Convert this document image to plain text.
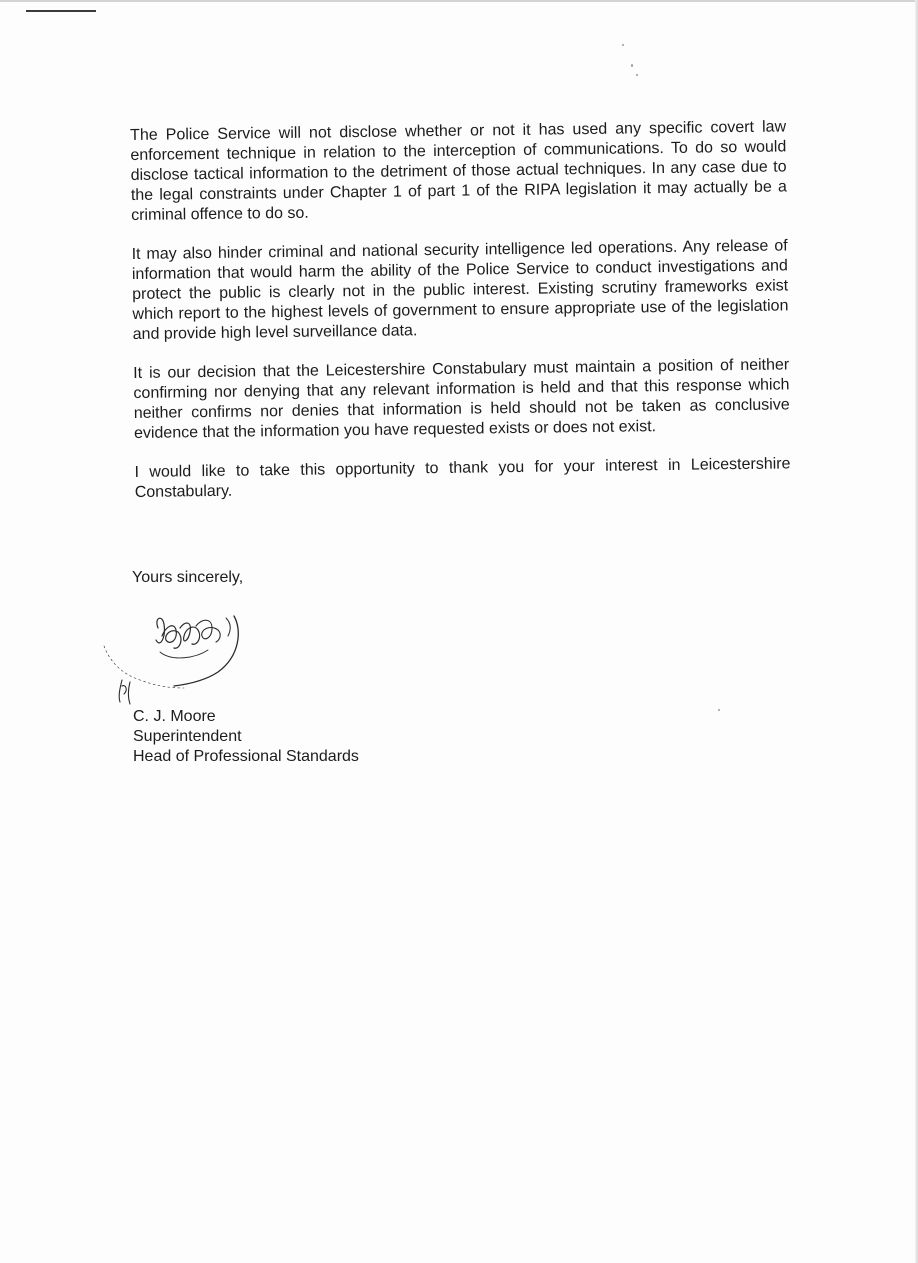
The Police Service will not disclose whether or not it has used any specific covert law enforcement technique in relation to the interception of communications. To do so would disclose tactical information to the detriment of those actual techniques. In any case due to the legal constraints under Chapter 1 of part 1 of the RIPA legislation it may actually be a criminal offence to do so.

It may also hinder criminal and national security intelligence led operations. Any release of information that would harm the ability of the Police Service to conduct investigations and protect the public is clearly not in the public interest. Existing scrutiny frameworks exist which report to the highest levels of government to ensure appropriate use of the legislation and provide high level surveillance data.

It is our decision that the Leicestershire Constabulary must maintain a position of neither confirming nor denying that any relevant information is held and that this response which neither confirms nor denies that information is held should not be taken as conclusive evidence that the information you have requested exists or does not exist.

I would like to take this opportunity to thank you for your interest in Leicestershire Constabulary.

Yours sincerely,
C. J. Moore
Superintendent
Head of Professional Standards
